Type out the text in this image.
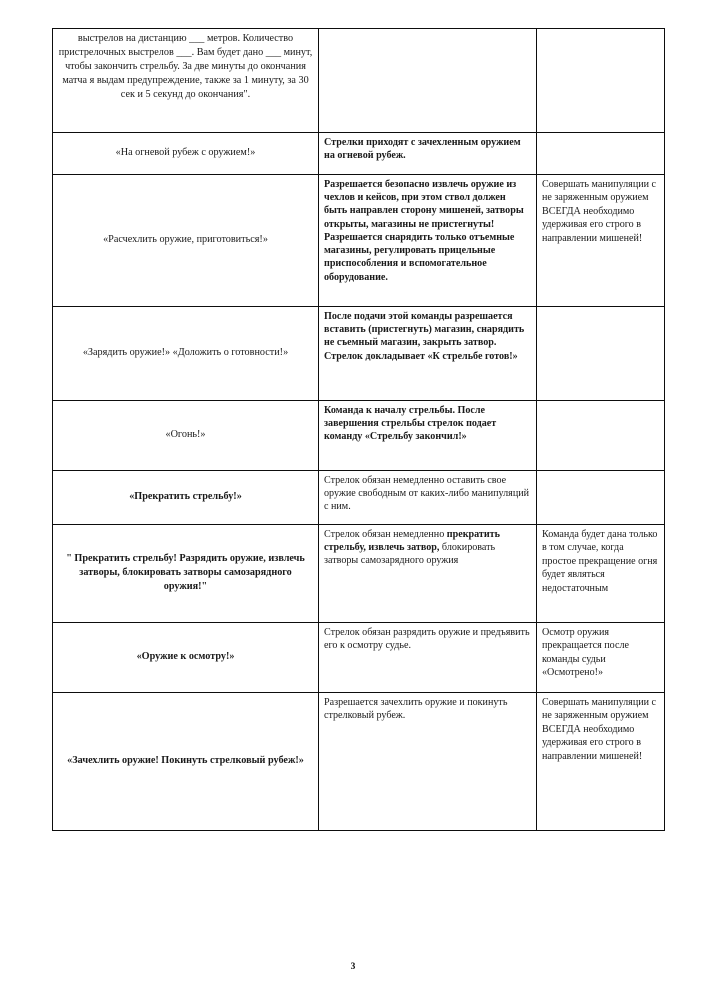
выстрелов на дистанцию ___ метров. Количество пристрелочных выстрелов ___. Вам будет дано ___ минут, чтобы закончить стрельбу. За две минуты до окончания матча я выдам предупреждение, также за 1 минуту, за 30 сек и 5 секунд до окончания".		
«На огневой рубеж с оружием!»	Стрелки приходят с зачехленным оружием на огневой рубеж.	
«Расчехлить оружие, приготовиться!»	Разрешается безопасно извлечь оружие из чехлов и кейсов, при этом ствол должен быть направлен сторону мишеней, затворы открыты, магазины не пристегнуты! Разрешается снарядить только отъемные магазины, регулировать прицельные приспособления и вспомогательное оборудование.	Совершать манипуляции с не заряженным оружием ВСЕГДА необходимо удерживая его строго в направлении мишеней!
«Зарядить оружие!» «Доложить о готовности!»	После подачи этой команды разрешается вставить (пристегнуть) магазин, снарядить не съемный магазин, закрыть затвор. Стрелок докладывает «К стрельбе готов!»	
«Огонь!»	Команда к началу стрельбы. После завершения стрельбы стрелок подает команду «Стрельбу закончил!»	
«Прекратить стрельбу!»	Стрелок обязан немедленно оставить свое оружие свободным от каких-либо манипуляций с ним.	
" Прекратить стрельбу! Разрядить оружие, извлечь затворы, блокировать затворы самозарядного оружия!"	Стрелок обязан немедленно прекратить стрельбу, извлечь затвор, блокировать затворы самозарядного оружия	Команда будет дана только в том случае, когда простое прекращение огня будет являться недостаточным
«Оружие к осмотру!»	Стрелок обязан разрядить оружие и предъявить его к осмотру судье.	Осмотр оружия прекращается после команды судьи «Осмотрено!»
«Зачехлить оружие! Покинуть стрелковый рубеж!»	Разрешается зачехлить оружие и покинуть стрелковый рубеж.	Совершать манипуляции с не заряженным оружием ВСЕГДА необходимо удерживая его строго в направлении мишеней!
3
